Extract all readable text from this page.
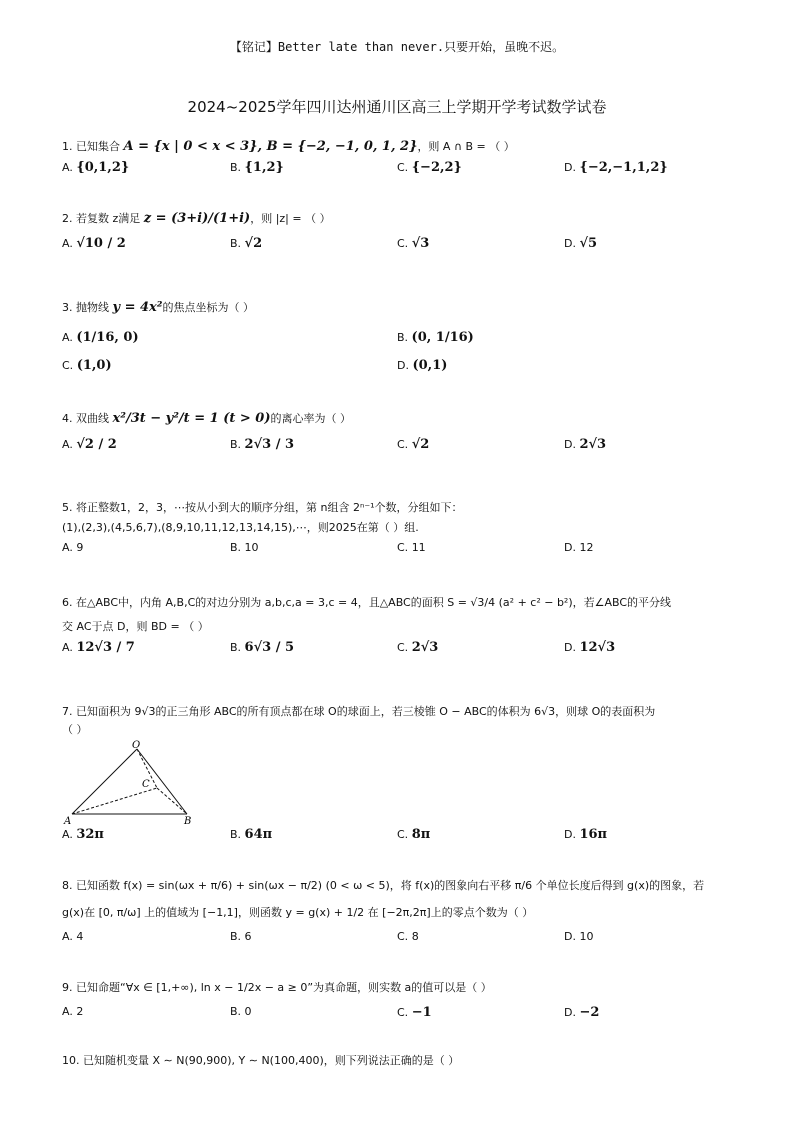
【铭记】Better late than never.只要开始，虽晚不迟。
2024~2025学年四川达州通川区高三上学期开学考试数学试卷
1. 已知集合 A = {x | 0 < x < 3}, B = {−2, −1, 0, 1, 2}，则 A ∩ B = （ ）
A. {0,1,2}	B. {1,2}	C. {−2,2}	D. {−2,−1,1,2}
2. 若复数 z满足 z = (3+i)/(1+i)，则 |z| = （ ）
A. √10 / 2	B. √2	C. √3	D. √5
3. 抛物线 y = 4x²的焦点坐标为（ ）
A. (1/16, 0)	B. (0, 1/16)
C. (1,0)	D. (0,1)
4. 双曲线 x²/3t − y²/t = 1 (t > 0)的离心率为（ ）
A. √2 / 2	B. 2√3 / 3	C. √2	D. 2√3
5. 将正整数1，2，3，⋯按从小到大的顺序分组，第 n组含 2ⁿ⁻¹个数，分组如下：
(1),(2,3),(4,5,6,7),(8,9,10,11,12,13,14,15),⋯，则2025在第（ ）组.
A. 9	B. 10	C. 11	D. 12
6. 在△ABC中，内角 A,B,C的对边分别为 a,b,c,a = 3,c = 4，且△ABC的面积 S = √3/4 (a² + c² − b²)，若∠ABC的平分线
交 AC于点 D，则 BD = （ ）
A. 12√3 / 7	B. 6√3 / 5	C. 2√3	D. 12√3
7. 已知面积为 9√3的正三角形 ABC的所有顶点都在球 O的球面上，若三棱锥 O − ABC的体积为 6√3，则球 O的表面积为
（ ）
O
A	B
C
A. 32π	B. 64π	C. 8π	D. 16π
8. 已知函数 f(x) = sin(ωx + π/6) + sin(ωx − π/2) (0 < ω < 5)，将 f(x)的图象向右平移 π/6 个单位长度后得到 g(x)的图象，若
g(x)在 [0, π/ω] 上的值域为 [−1,1]，则函数 y = g(x) + 1/2 在 [−2π,2π]上的零点个数为（ ）
A. 4	B. 6	C. 8	D. 10
9. 已知命题“∀x ∈ [1,+∞), ln x − 1/2x − a ≥ 0”为真命题，则实数 a的值可以是（ ）
A. 2	B. 0	C. −1	D. −2
10. 已知随机变量 X ∼ N(90,900), Y ∼ N(100,400)，则下列说法正确的是（ ）
